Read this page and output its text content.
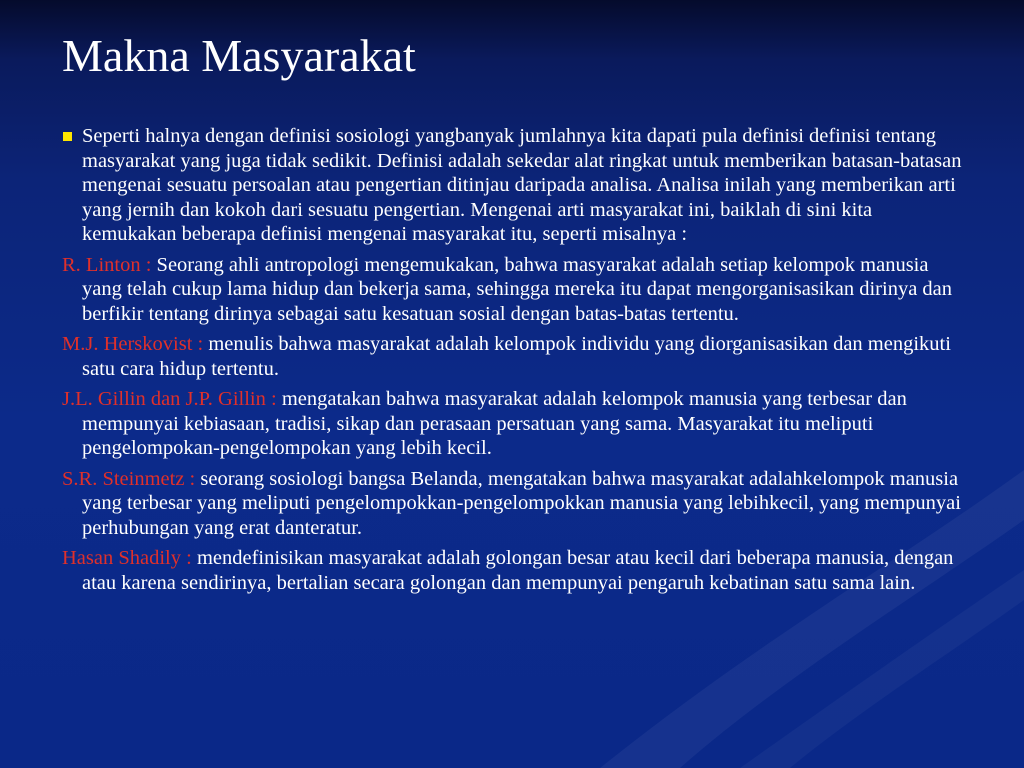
Makna Masyarakat
Seperti halnya dengan definisi sosiologi yangbanyak jumlahnya kita dapati pula definisi definisi tentang masyarakat yang juga tidak sedikit. Definisi adalah sekedar alat ringkat untuk memberikan batasan-batasan mengenai sesuatu persoalan atau pengertian ditinjau daripada analisa. Analisa inilah yang memberikan arti yang jernih dan kokoh dari sesuatu pengertian. Mengenai arti masyarakat ini, baiklah di sini kita kemukakan beberapa definisi mengenai masyarakat itu, seperti misalnya :
R. Linton : Seorang ahli antropologi mengemukakan, bahwa masyarakat adalah setiap kelompok manusia yang telah cukup lama hidup dan bekerja sama, sehingga mereka itu dapat mengorganisasikan dirinya dan berfikir tentang dirinya sebagai satu kesatuan sosial dengan batas-batas tertentu.
M.J. Herskovist : menulis bahwa masyarakat adalah kelompok individu yang diorganisasikan dan mengikuti satu cara hidup tertentu.
J.L. Gillin dan J.P. Gillin : mengatakan bahwa masyarakat adalah kelompok manusia yang terbesar dan mempunyai kebiasaan, tradisi, sikap dan perasaan persatuan yang sama. Masyarakat itu meliputi pengelompokan-pengelompokan yang lebih kecil.
S.R. Steinmetz : seorang sosiologi bangsa Belanda, mengatakan bahwa masyarakat adalahkelompok manusia yang terbesar yang meliputi pengelompokkan-pengelompokkan manusia yang lebihkecil, yang mempunyai perhubungan yang erat danteratur.
Hasan Shadily : mendefinisikan masyarakat adalah golongan besar atau kecil dari beberapa manusia, dengan atau karena sendirinya, bertalian secara golongan dan mempunyai pengaruh kebatinan satu sama lain.
